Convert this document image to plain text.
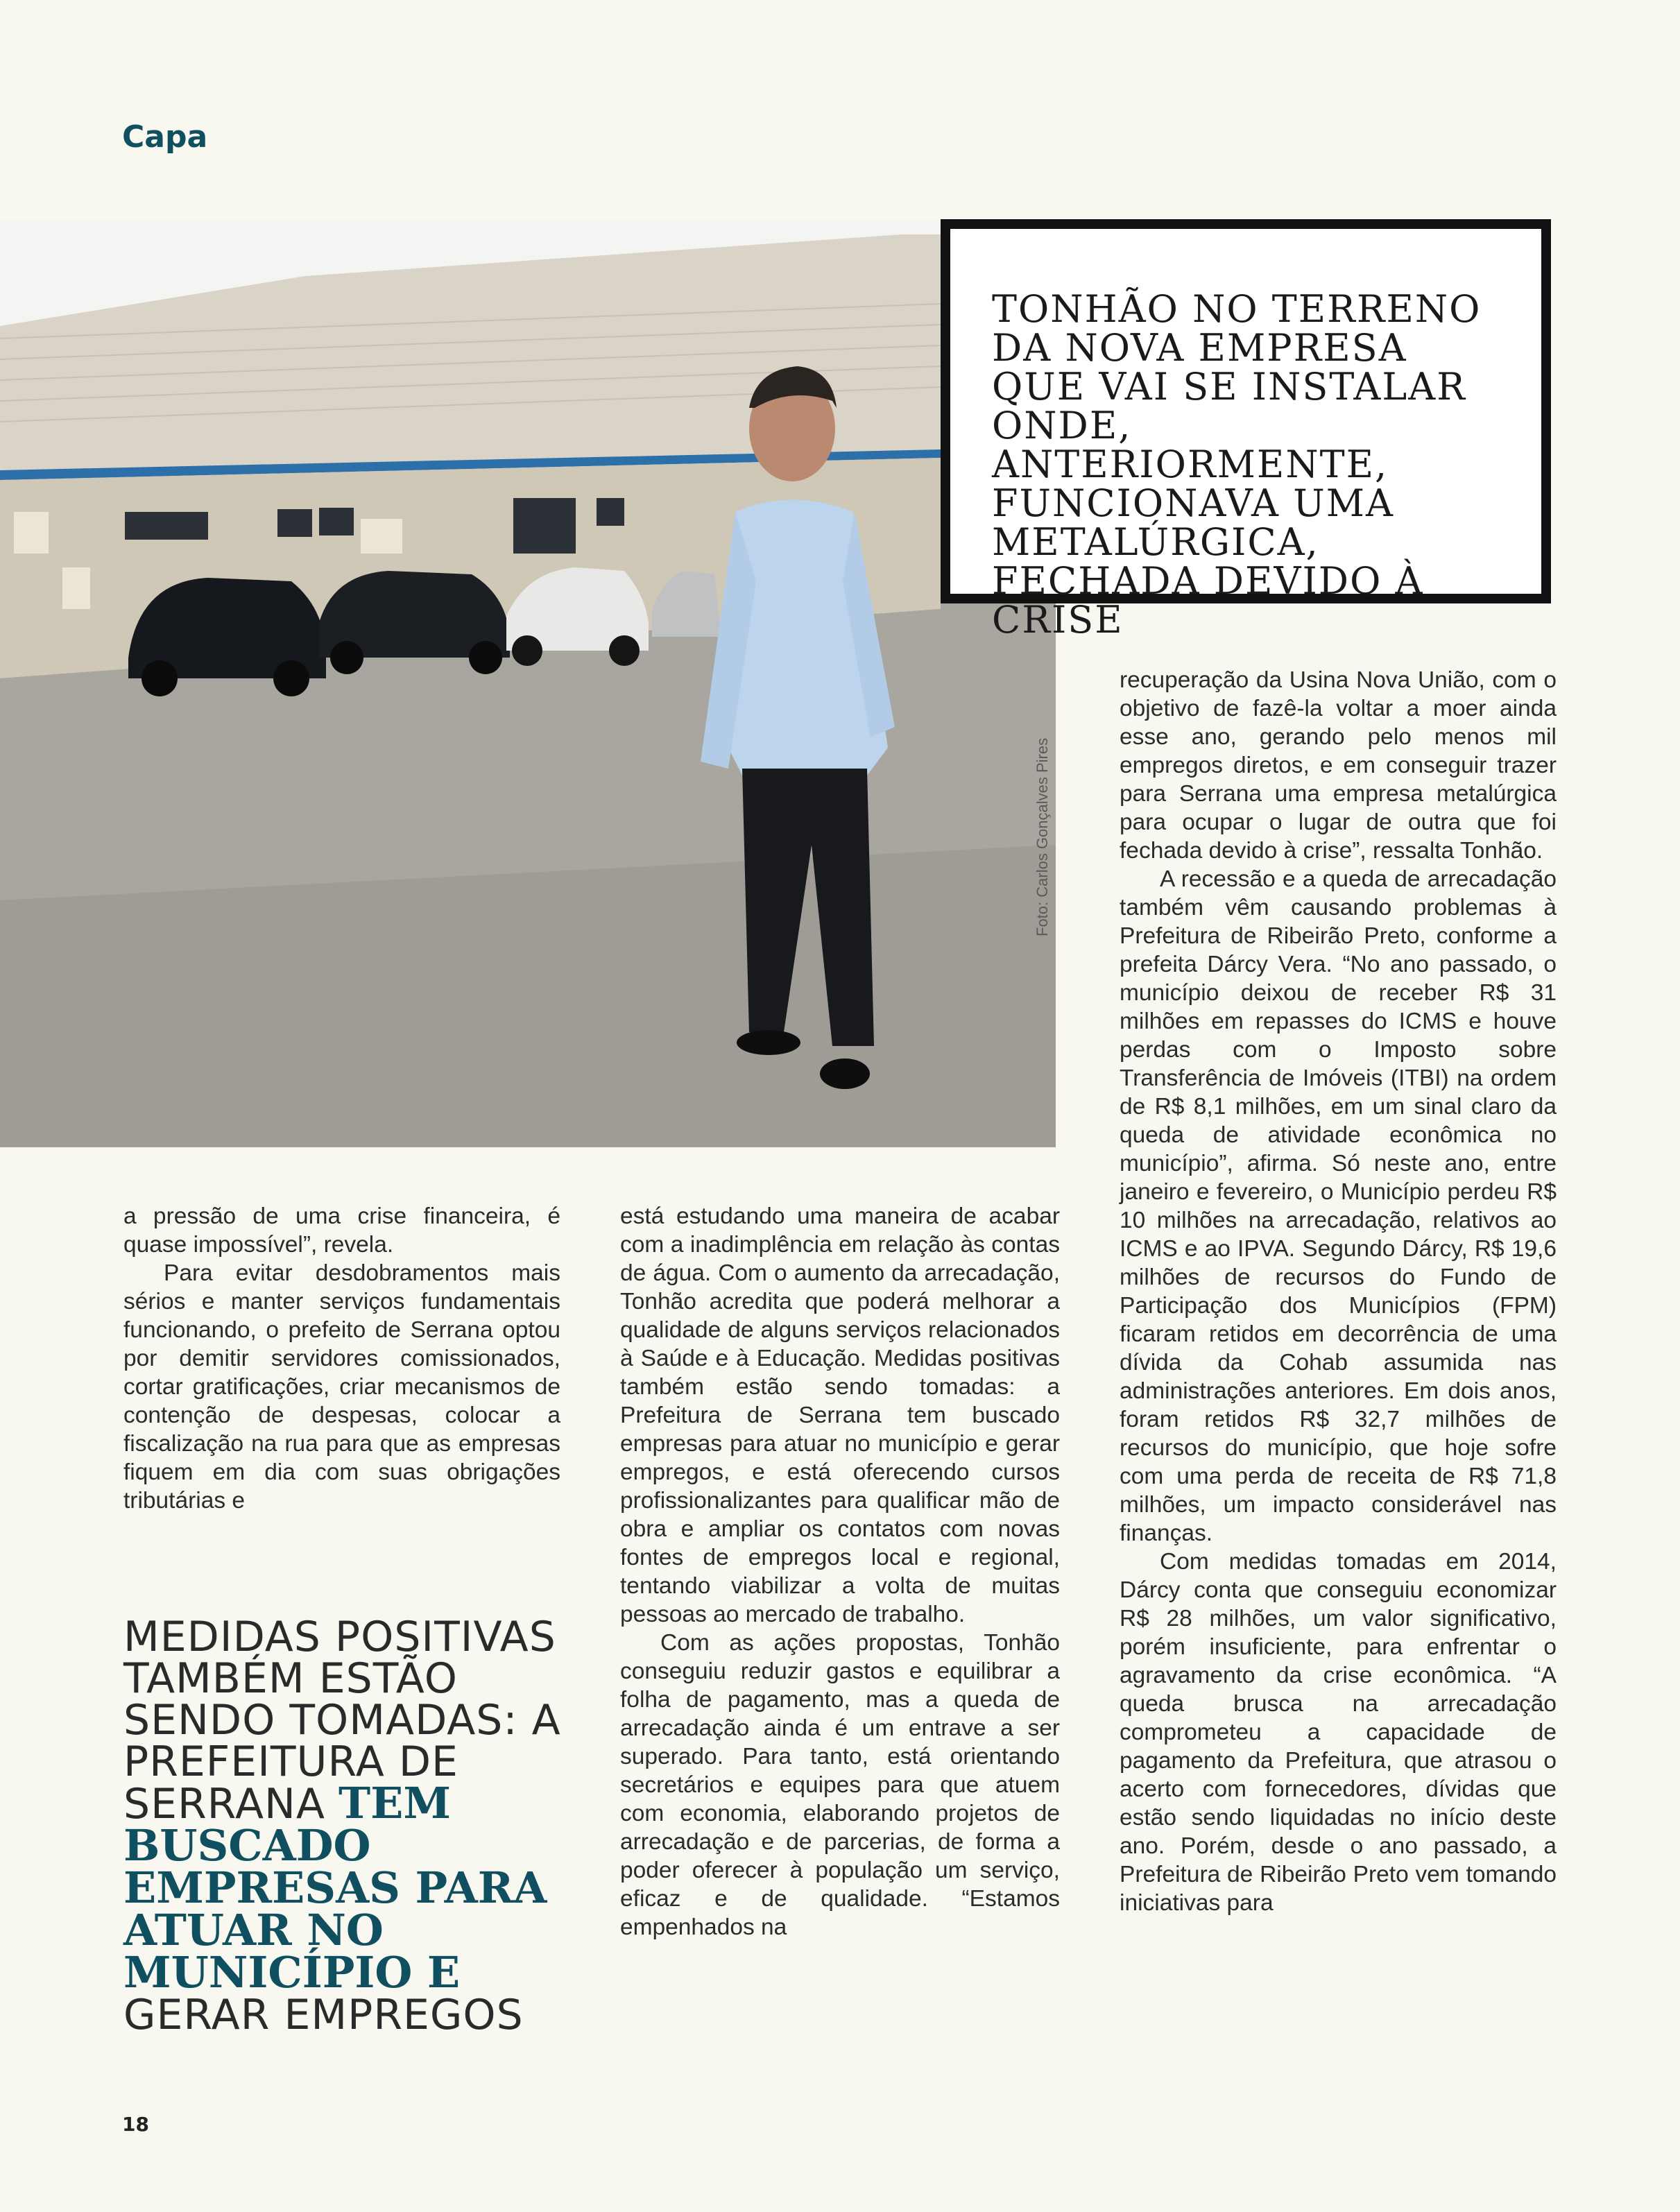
Capa
Foto: Carlos Gonçalves Pires
TONHÃO NO TERRENO DA NOVA EMPRESA QUE VAI SE INSTALAR ONDE, ANTERIORMENTE, FUNCIONAVA UMA METALÚRGICA, FECHADA DEVIDO À CRISE

a pressão de uma crise financeira, é quase impossível”, revela.

Para evitar desdobramentos mais sérios e manter serviços fundamentais funcionando, o prefeito de Serrana optou por demitir servidores comissionados, cortar gratificações, criar mecanismos de contenção de despesas, colocar a fiscalização na rua para que as empresas fiquem em dia com suas obrigações tributárias e

MEDIDAS POSITIVAS TAMBÉM ESTÃO SENDO TOMADAS: A PREFEITURA DE SERRANA TEM BUSCADO EMPRESAS PARA ATUAR NO MUNICÍPIO E GERAR EMPREGOS

está estudando uma maneira de acabar com a inadimplência em relação às contas de água. Com o aumento da arrecadação, Tonhão acredita que poderá melhorar a qualidade de alguns serviços relacionados à Saúde e à Educação. Medidas positivas também estão sendo tomadas: a Prefeitura de Serrana tem buscado empresas para atuar no município e gerar empregos, e está oferecendo cursos profissionalizantes para qualificar mão de obra e ampliar os contatos com novas fontes de empregos local e regional, tentando viabilizar a volta de muitas pessoas ao mercado de trabalho.

Com as ações propostas, Tonhão conseguiu reduzir gastos e equilibrar a folha de pagamento, mas a queda de arrecadação ainda é um entrave a ser superado. Para tanto, está orientando secretários e equipes para que atuem com economia, elaborando projetos de arrecadação e de parcerias, de forma a poder oferecer à população um serviço, eficaz e de qualidade. “Estamos empenhados na

recuperação da Usina Nova União, com o objetivo de fazê-la voltar a moer ainda esse ano, gerando pelo menos mil empregos diretos, e em conseguir trazer para Serrana uma empresa metalúrgica para ocupar o lugar de outra que foi fechada devido à crise”, ressalta Tonhão.

A recessão e a queda de arrecadação também vêm causando problemas à Prefeitura de Ribeirão Preto, conforme a prefeita Dárcy Vera. “No ano passado, o município deixou de receber R$ 31 milhões em repasses do ICMS e houve perdas com o Imposto sobre Transferência de Imóveis (ITBI) na ordem de R$ 8,1 milhões, em um sinal claro da queda de atividade econômica no município”, afirma. Só neste ano, entre janeiro e fevereiro, o Município perdeu R$ 10 milhões na arrecadação, relativos ao ICMS e ao IPVA. Segundo Dárcy, R$ 19,6 milhões de recursos do Fundo de Participação dos Municípios (FPM) ficaram retidos em decorrência de uma dívida da Cohab assumida nas administrações anteriores. Em dois anos, foram retidos R$ 32,7 milhões de recursos do município, que hoje sofre com uma perda de receita de R$ 71,8 milhões, um impacto considerável nas finanças.

Com medidas tomadas em 2014, Dárcy conta que conseguiu economizar R$ 28 milhões, um valor significativo, porém insuficiente, para enfrentar o agravamento da crise econômica. “A queda brusca na arrecadação comprometeu a capacidade de pagamento da Prefeitura, que atrasou o acerto com fornecedores, dívidas que estão sendo liquidadas no início deste ano. Porém, desde o ano passado, a Prefeitura de Ribeirão Preto vem tomando iniciativas para

18
